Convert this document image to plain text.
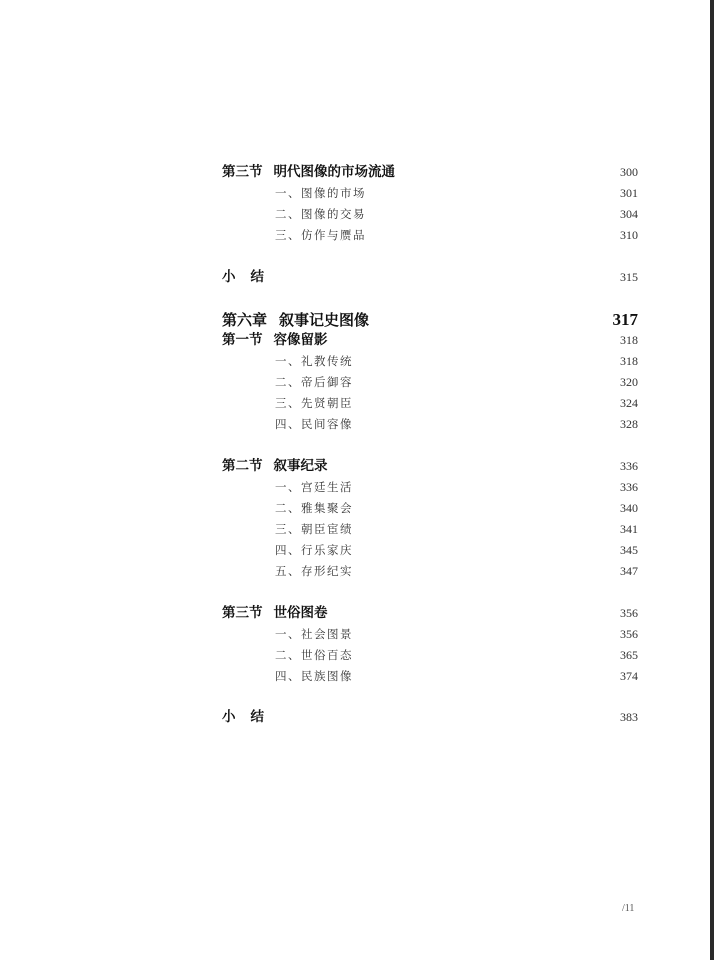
第三节 明代图像的市场流通	300
一、图像的市场	301
二、图像的交易	304
三、仿作与赝品	310
小结	315
第六章 叙事记史图像	317
第一节 容像留影	318
一、礼教传统	318
二、帝后御容	320
三、先贤朝臣	324
四、民间容像	328
第二节 叙事纪录	336
一、宫廷生活	336
二、雅集聚会	340
三、朝臣宦绩	341
四、行乐家庆	345
五、存形纪实	347
第三节 世俗图卷	356
一、社会图景	356
二、世俗百态	365
四、民族图像	374
小结	383
/11
